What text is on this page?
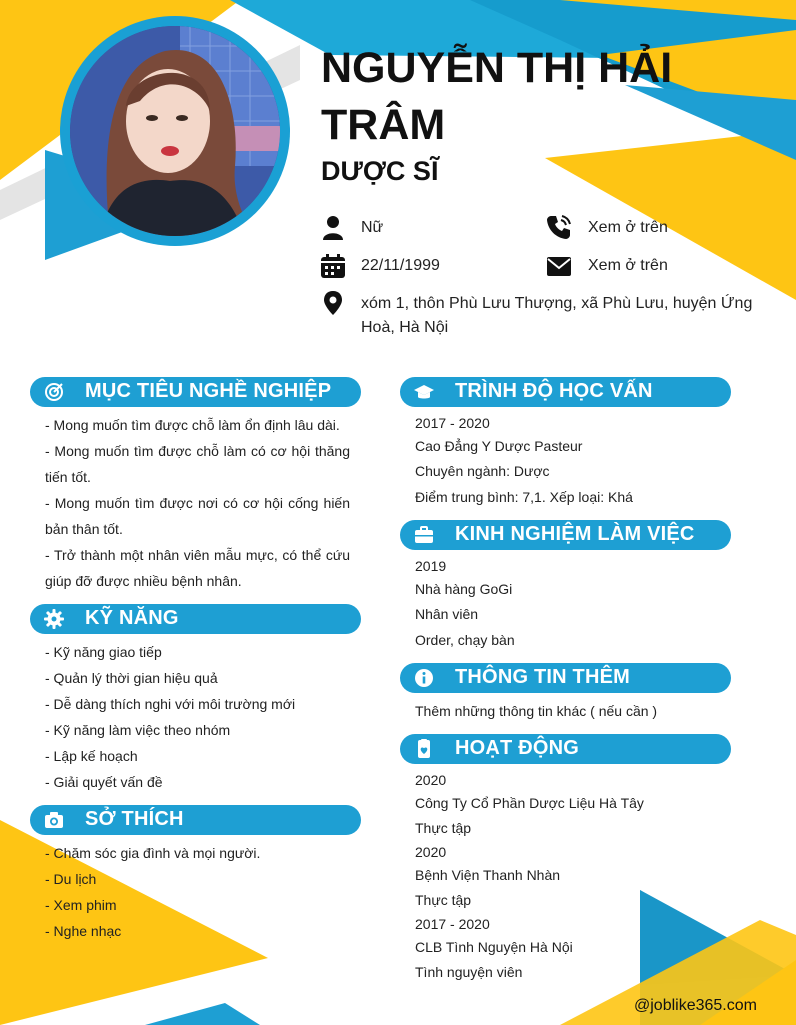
NGUYỄN THỊ HẢI TRÂM
DƯỢC SĨ
Nữ	Xem ở trên
22/11/1999	Xem ở trên
xóm 1, thôn Phù Lưu Thượng, xã Phù Lưu, huyện Ứng Hoà, Hà Nội
MỤC TIÊU NGHỀ NGHIỆP

- Mong muốn tìm được chỗ làm ổn định lâu dài.

- Mong muốn tìm được chỗ làm có cơ hội thăng tiến tốt.

- Mong muốn tìm được nơi có cơ hội cống hiến bản thân tốt.

- Trở thành một nhân viên mẫu mực, có thể cứu giúp đỡ được nhiều bệnh nhân.

KỸ NĂNG

- Kỹ năng giao tiếp

- Quản lý thời gian hiệu quả

- Dễ dàng thích nghi với môi trường mới

- Kỹ năng làm việc theo nhóm

- Lập kế hoạch

- Giải quyết vấn đề

SỞ THÍCH

- Chăm sóc gia đình và mọi người.

- Du lịch

- Xem phim

- Nghe nhạc

TRÌNH ĐỘ HỌC VẤN
2017 - 2020
Cao Đẳng Y Dược Pasteur
Chuyên ngành: Dược
Điểm trung bình: 7,1. Xếp loại: Khá
KINH NGHIỆM LÀM VIỆC
2019
Nhà hàng GoGi
Nhân viên
Order, chạy bàn
THÔNG TIN THÊM
Thêm những thông tin khác ( nếu cần )
HOẠT ĐỘNG
2020
Công Ty Cổ Phần Dược Liệu Hà Tây
Thực tập
2020
Bệnh Viện Thanh Nhàn
Thực tập
2017 - 2020
CLB Tình Nguyện Hà Nội
Tình nguyện viên
@joblike365.com
